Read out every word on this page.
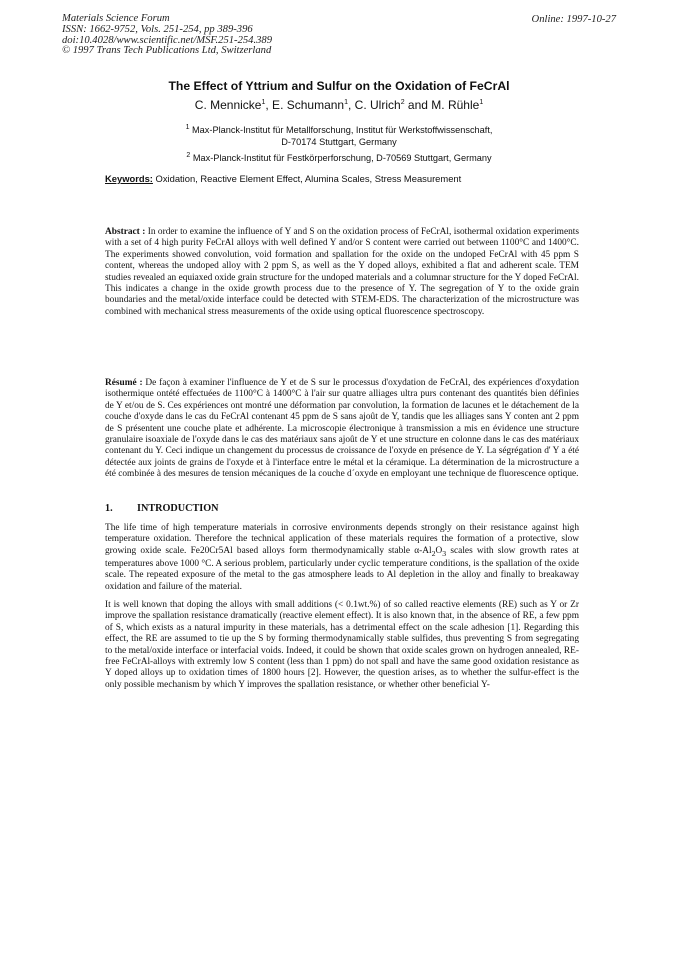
Materials Science Forum
ISSN: 1662-9752, Vols. 251-254, pp 389-396
doi:10.4028/www.scientific.net/MSF.251-254.389
© 1997 Trans Tech Publications Ltd, Switzerland
Online: 1997-10-27
The Effect of Yttrium and Sulfur on the Oxidation of FeCrAl
C. Mennicke$^1$, E. Schumann$^1$, C. Ulrich$^2$ and M. Rühle$^1$
$^1$ Max-Planck-Institut für Metallforschung, Institut für Werkstoffwissenschaft,
D-70174 Stuttgart, Germany
$^2$ Max-Planck-Institut für Festkörperforschung, D-70569 Stuttgart, Germany
Keywords: Oxidation, Reactive Element Effect, Alumina Scales, Stress Measurement
Abstract : In order to examine the influence of Y and S on the oxidation process of FeCrAl, isothermal oxidation experiments with a set of 4 high purity FeCrAl alloys with well defined Y and/or S content were carried out between 1100°C and 1400°C. The experiments showed convolution, void formation and spallation for the oxide on the undoped FeCrAl with 45 ppm S content, whereas the undoped alloy with 2 ppm S, as well as the Y doped alloys, exhibited a flat and adherent scale. TEM studies revealed an equiaxed oxide grain structure for the undoped materials and a columnar structure for the Y doped FeCrAl. This indicates a change in the oxide growth process due to the presence of Y. The segregation of Y to the oxide grain boundaries and the metal/oxide interface could be detected with STEM-EDS. The characterization of the microstructure was combined with mechanical stress measurements of the oxide using optical fluorescence spectroscopy.
Résumé : De façon à examiner l'influence de Y et de S sur le processus d'oxydation de FeCrAl, des expériences d'oxydation isothermique ontété effectuées de 1100°C à 1400°C à l'air sur quatre alliages ultra purs contenant des quantités bien définies de Y et/ou de S. Ces expériences ont montré une déformation par convolution, la formation de lacunes et le détachement de la couche d'oxyde dans le cas du FeCrAl contenant 45 ppm de S sans ajoût de Y, tandis que les alliages sans Y conten ant 2 ppm de S présentent une couche plate et adhérente. La microscopie électronique à transmission a mis en évidence une structure granulaire isoaxiale de l'oxyde dans le cas des matériaux sans ajoût de Y et une structure en colonne dans le cas des matériaux contenant du Y. Ceci indique un changement du processus de croissance de l'oxyde en présence de Y. La ségrégation d' Y a été détectée aux joints de grains de l'oxyde et à l'interface entre le métal et la céramique. La détermination de la microstructure a été combinée à des mesures de tension mécaniques de la couche d´oxyde en employant une technique de fluorescence optique.
1. INTRODUCTION
The life time of high temperature materials in corrosive environments depends strongly on their resistance against high temperature oxidation. Therefore the technical application of these materials requires the formation of a protective, slow growing oxide scale. Fe20Cr5Al based alloys form thermodynamically stable $\alpha-Al_2O_3$ scales with slow growth rates at temperatures above 1000 °C. A serious problem, particularly under cyclic temperature conditions, is the spallation of the oxide scale. The repeated exposure of the metal to the gas atmosphere leads to Al depletion in the alloy and finally to breakaway oxidation and failure of the material.
It is well known that doping the alloys with small additions (< 0.1wt.%) of so called reactive elements (RE) such as Y or Zr improve the spallation resistance dramatically (reactive element effect). It is also known that, in the absence of RE, a few ppm of S, which exists as a natural impurity in these materials, has a detrimental effect on the scale adhesion [1]. Regarding this effect, the RE are assumed to tie up the S by forming thermodynamically stable sulfides, thus preventing S from segregating to the metal/oxide interface or interfacial voids. Indeed, it could be shown that oxide scales grown on hydrogen annealed, RE-free FeCrAl-alloys with extremly low S content (less than 1 ppm) do not spall and have the same good oxidation resistance as Y doped alloys up to oxidation times of 1800 hours [2]. However, the question arises, as to whether the sulfur-effect is the only possible mechanism by which Y improves the spallation resistance, or whether other beneficial Y-
